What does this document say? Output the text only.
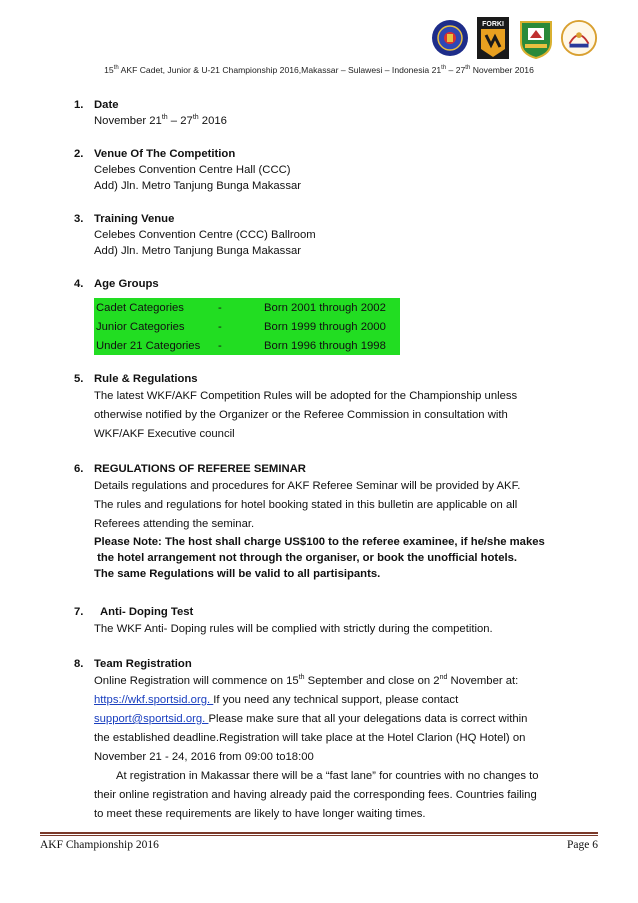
FORKI
15th AKF Cadet, Junior & U-21 Championship 2016,Makassar – Sulawesi – Indonesia 21th – 27th November 2016
1. Date
November 21th – 27th 2016
2. Venue Of The Competition
Celebes Convention Centre Hall (CCC)
Add) Jln. Metro Tanjung Bunga Makassar
3. Training Venue
Celebes Convention Centre (CCC) Ballroom
Add) Jln. Metro Tanjung Bunga Makassar
4. Age Groups
Cadet Categories	-	Born 2001 through 2002
Junior Categories	-	Born 1999 through 2000
Under 21 Categories	-	Born 1996 through 1998
5. Rule & Regulations
The latest WKF/AKF Competition Rules will be adopted for the Championship unless
otherwise notified by the Organizer or the Referee Commission in consultation with
WKF/AKF Executive council
6. REGULATIONS OF REFEREE SEMINAR
Details regulations and procedures for AKF Referee Seminar will be provided by AKF.
The rules and regulations for hotel booking stated in this bulletin are applicable on all
Referees attending the seminar.
Please Note: The host shall charge US$100 to the referee examinee, if he/she makes
the hotel arrangement not through the organiser, or book the unofficial hotels.
The same Regulations will be valid to all partisipants.
7.	Anti- Doping Test
The WKF Anti- Doping rules will be complied with strictly during the competition.
8. Team Registration
Online Registration will commence on 15th September and close on 2nd November at:
https://wkf.sportsid.org. If you need any technical support, please contact
support@sportsid.org. Please make sure that all your delegations data is correct within
the established deadline.Registration will take place at the Hotel Clarion (HQ Hotel) on
November 21 - 24, 2016 from 09:00 to18:00
At registration in Makassar there will be a “fast lane” for countries with no changes to
their online registration and having already paid the corresponding fees. Countries failing
to meet these requirements are likely to have longer waiting times.
AKF Championship 2016	Page 6
